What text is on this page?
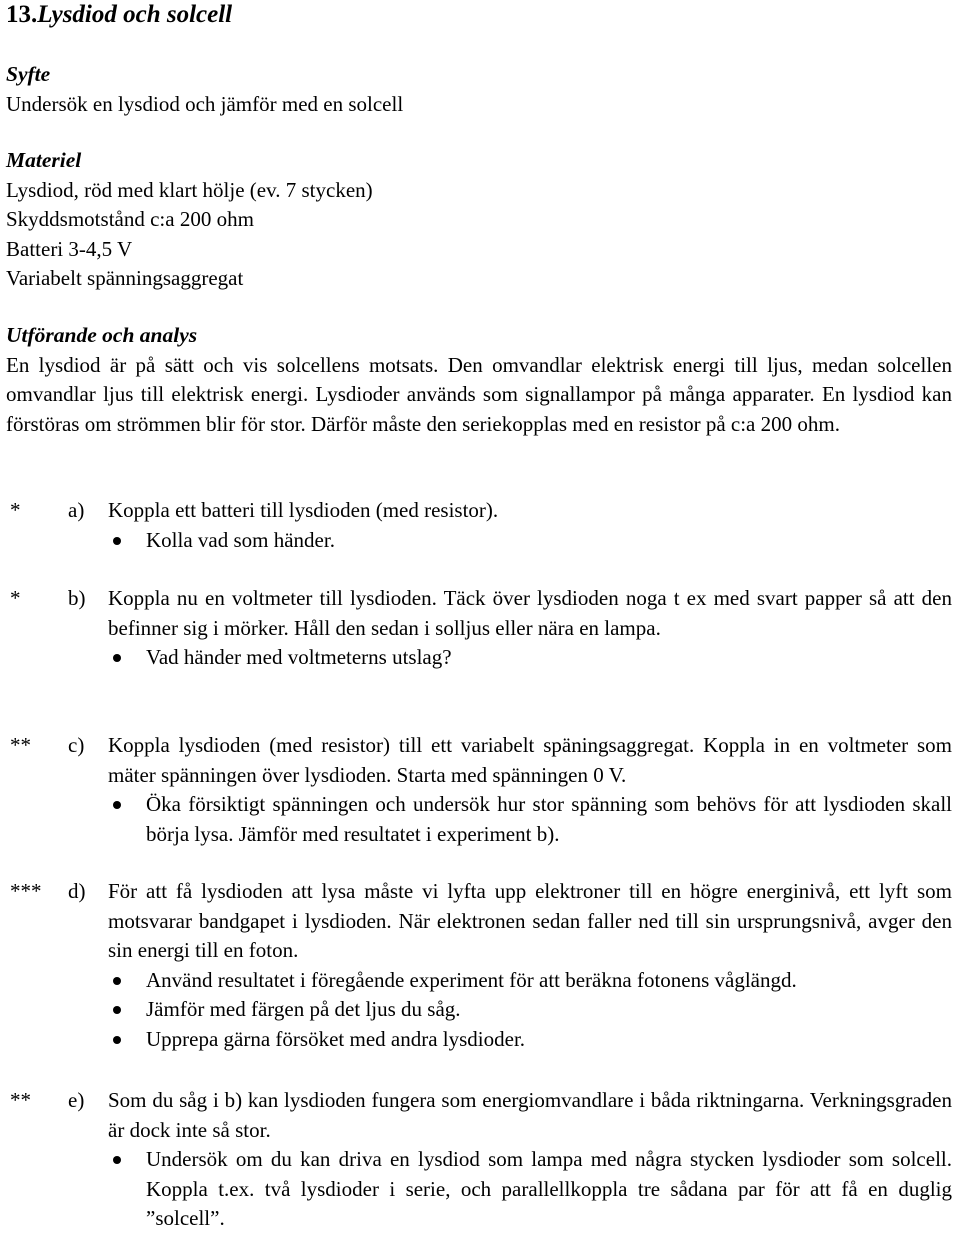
13.Lysdiod och solcell
Syfte
Undersök en lysdiod och jämför med en solcell
Materiel
Lysdiod, röd med klart hölje (ev. 7 stycken)
Skyddsmotstånd c:a 200 ohm
Batteri 3-4,5 V
Variabelt spänningsaggregat
Utförande och analys
En lysdiod är på sätt och vis solcellens motsats. Den omvandlar elektrisk energi till ljus, medan solcellen omvandlar ljus till elektrisk energi. Lysdioder används som signallampor på många apparater. En lysdiod kan förstöras om strömmen blir för stor. Därför måste den seriekopplas med en resistor på c:a 200 ohm.
* a) Koppla ett batteri till lysdioden (med resistor).
Kolla vad som händer.
* b) Koppla nu en voltmeter till lysdioden. Täck över lysdioden noga t ex med svart papper så att den befinner sig i mörker. Håll den sedan i solljus eller nära en lampa.
Vad händer med voltmeterns utslag?
** c) Koppla lysdioden (med resistor) till ett variabelt späningsaggregat. Koppla in en voltmeter som mäter spänningen över lysdioden. Starta med spänningen 0 V.
Öka försiktigt spänningen och undersök hur stor spänning som behövs för att lysdioden skall börja lysa. Jämför med resultatet i experiment b).
*** d) För att få lysdioden att lysa måste vi lyfta upp elektroner till en högre energinivå, ett lyft som motsvarar bandgapet i lysdioden. När elektronen sedan faller ned till sin ursprungsnivå, avger den sin energi till en foton.
Använd resultatet i föregående experiment för att beräkna fotonens våglängd.
Jämför med färgen på det ljus du såg.
Upprepa gärna försöket med andra lysdioder.
** e) Som du såg i b) kan lysdioden fungera som energiomvandlare i båda riktningarna. Verkningsgraden är dock inte så stor.
Undersök om du kan driva en lysdiod som lampa med några stycken lysdioder som solcell. Koppla t.ex. två lysdioder i serie, och parallellkoppla tre sådana par för att få en duglig ”solcell”.
